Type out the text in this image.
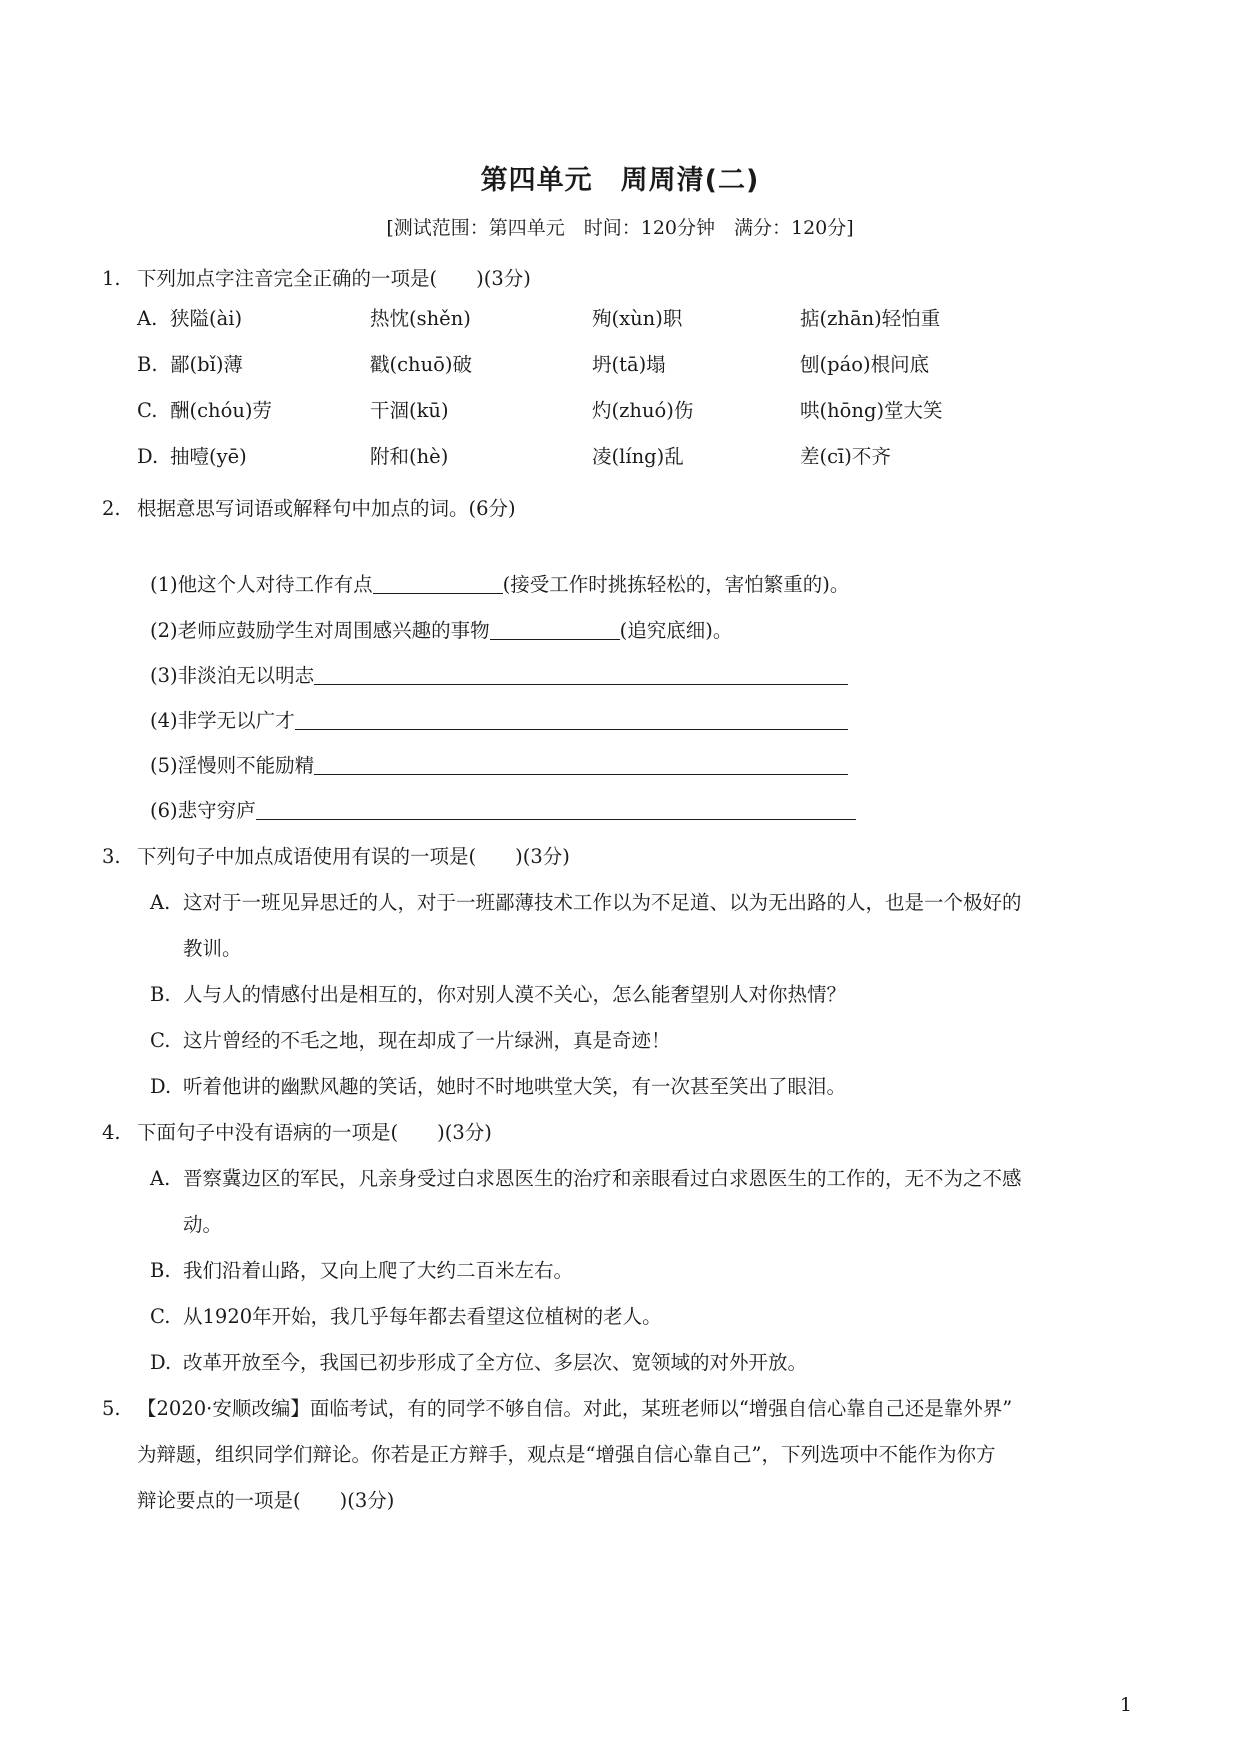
第四单元　周周清(二)
[测试范围：第四单元　时间：120分钟　满分：120分]
1. 下列加点字注音完全正确的一项是(　　)(3分)
A. 狭隘(ài)	热忱(shěn)	殉(xùn)职	掂(zhān)轻怕重
B. 鄙(bǐ)薄	戳(chuō)破	坍(tā)塌	刨(páo)根问底
C. 酬(chóu)劳	干涸(kū)	灼(zhuó)伤	哄(hōng)堂大笑
D. 抽噎(yē)	附和(hè)	凌(líng)乱	差(cī)不齐
2. 根据意思写词语或解释句中加点的词。(6分)
(1)他这个人对待工作有点	(接受工作时挑拣轻松的，害怕繁重的)。
(2)老师应鼓励学生对周围感兴趣的事物	(追究底细)。
(3)非淡泊无以明志
(4)非学无以广才
(5)淫慢则不能励精
(6)悲守穷庐
3. 下列句子中加点成语使用有误的一项是(　　)(3分)
A. 这对于一班见异思迁的人，对于一班鄙薄技术工作以为不足道、以为无出路的人，也是一个极好的
教训。
B. 人与人的情感付出是相互的，你对别人漠不关心，怎么能奢望别人对你热情？
C. 这片曾经的不毛之地，现在却成了一片绿洲，真是奇迹！
D. 听着他讲的幽默风趣的笑话，她时不时地哄堂大笑，有一次甚至笑出了眼泪。
4. 下面句子中没有语病的一项是(　　)(3分)
A. 晋察冀边区的军民，凡亲身受过白求恩医生的治疗和亲眼看过白求恩医生的工作的，无不为之不感
动。
B. 我们沿着山路，又向上爬了大约二百米左右。
C. 从1920年开始，我几乎每年都去看望这位植树的老人。
D. 改革开放至今，我国已初步形成了全方位、多层次、宽领域的对外开放。
5. 【2020·安顺改编】面临考试，有的同学不够自信。对此，某班老师以“增强自信心靠自己还是靠外界”
为辩题，组织同学们辩论。你若是正方辩手，观点是“增强自信心靠自己”，下列选项中不能作为你方
辩论要点的一项是(　　)(3分)
1
